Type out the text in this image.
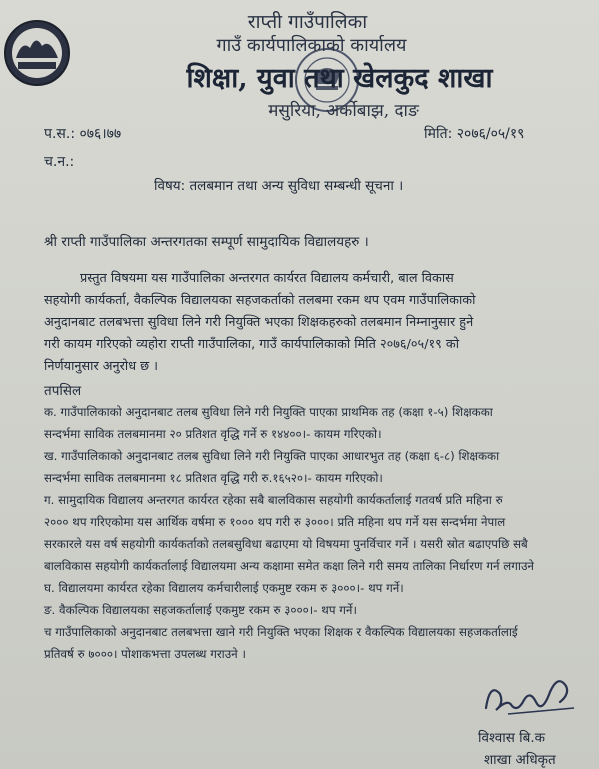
राप्ती गाउँपालिका
गाउँ कार्यपालिकाको कार्यालय
शिक्षा, युवा तथा खेलकुद शाखा
मसुरिया, अर्कोबाझ, दाङ
प.स.: ०७६।७७	मिति: २०७६/०५/१९
च.न.:
विषय: तलबमान तथा अन्य सुविधा सम्बन्धी सूचना ।
श्री राप्ती गाउँपालिका अन्तरगतका सम्पूर्ण सामुदायिक विद्यालयहरु ।
प्रस्तुत विषयमा यस गाउँपालिका अन्तरगत कार्यरत विद्यालय कर्मचारी, बाल विकास
सहयोगी कार्यकर्ता, वैकल्पिक विद्यालयका सहजकर्ताको तलबमा रकम थप एवम गाउँपालिकाको
अनुदानबाट तलबभत्ता सुविधा लिने गरी नियुक्ति भएका शिक्षकहरुको तलबमान निम्नानुसार हुने
गरी कायम गरिएको व्यहोरा राप्ती गाउँपालिका, गाउँ कार्यपालिकाको मिति २०७६/०५/१९ को
निर्णयानुसार अनुरोध छ ।
तपसिल
क. गाउँपालिकाको अनुदानबाट तलब सुविधा लिने गरी नियुक्ति पाएका प्राथमिक तह (कक्षा १-५) शिक्षकका
सन्दर्भमा साविक तलबमानमा २० प्रतिशत वृद्धि गर्ने रु १४४००।- कायम गरिएको।
ख. गाउँपालिकाको अनुदानबाट तलब सुविधा लिने गरी नियुक्ति पाएका आधारभुत तह (कक्षा ६-८) शिक्षकका
सन्दर्भमा साविक तलबमानमा १८ प्रतिशत वृद्धि गरी रु.१६५२०।- कायम गरिएको।
ग. सामुदायिक विद्यालय अन्तरगत कार्यरत रहेका सबै बालविकास सहयोगी कार्यकर्तालाई गतवर्ष प्रति महिना रु
२००० थप गरिएकोमा यस आर्थिक वर्षमा रु १००० थप गरी रु ३०००। प्रति महिना थप गर्ने यस सन्दर्भमा नेपाल
सरकारले यस वर्ष सहयोगी कार्यकर्ताको तलबसुविधा बढाएमा यो विषयमा पुनर्विचार गर्ने । यसरी स्रोत बढाएपछि सबै
बालविकास सहयोगी कार्यकर्तालाई विद्यालयमा अन्य कक्षामा समेत कक्षा लिने गरी समय तालिका निर्धारण गर्न लगाउने
घ. विद्यालयमा कार्यरत रहेका विद्यालय कर्मचारीलाई एकमुष्ट रकम रु ३०००।- थप गर्ने।
ङ. वैकल्पिक विद्यालयका सहजकर्तालाई एकमुष्ट रकम रु ३०००।- थप गर्ने।
च गाउँपालिकाको अनुदानबाट तलबभत्ता खाने गरी नियुक्ति भएका शिक्षक र वैकल्पिक विद्यालयका सहजकर्तालाई
प्रतिवर्ष रु ७०००। पोशाकभत्ता उपलब्ध गराउने ।
विश्वास बि.क
शाखा अधिकृत
